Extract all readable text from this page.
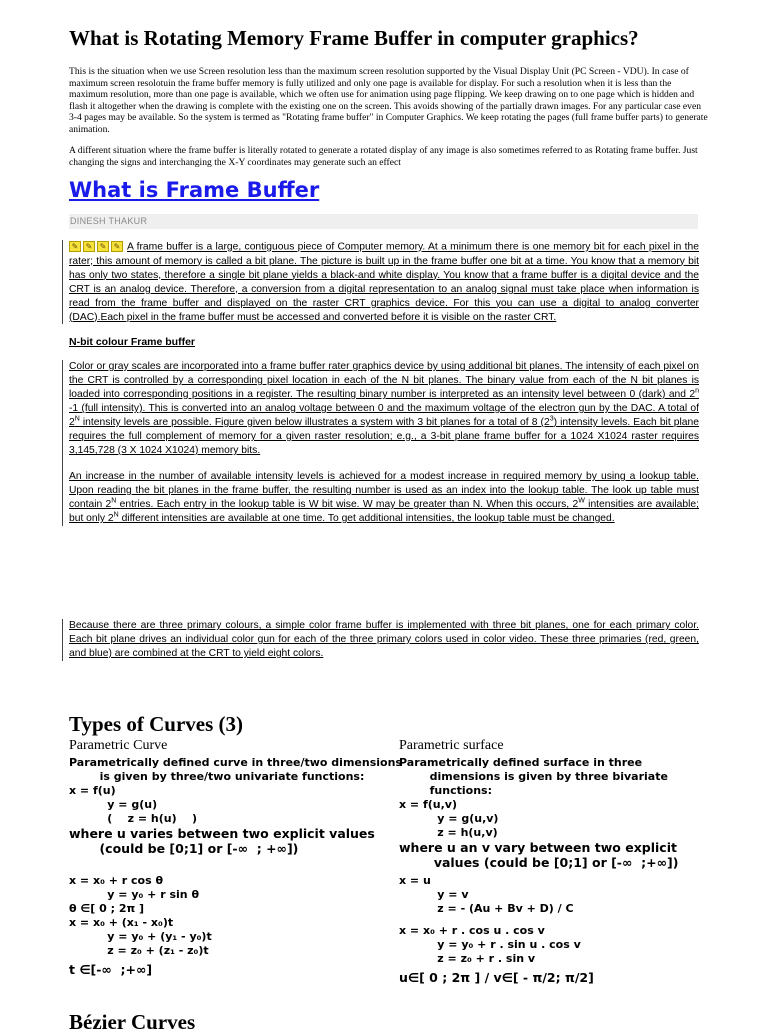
What is Rotating Memory Frame Buffer in computer graphics?
This is the situation when we use Screen resolution less than the maximum screen resolution supported by the Visual Display Unit (PC Screen - VDU). In case of maximum screen resolotuin the frame buffer memory is fully utilized and only one page is available for display. For such a resolution when it is less than the maximum resolution, more than one page is available, which we often use for animation using page flipping. We keep drawing on to one page which is hidden and flash it altogether when the drawing is complete with the existing one on the screen. This avoids showing of the partially drawn images. For any particular case even 3-4 pages may be available. So the system is termed as "Rotating frame buffer" in Computer Graphics. We keep rotating the pages (full frame buffer parts) to generate animation.
A different situation where the frame buffer is literally rotated to generate a rotated display of any image is also sometimes referred to as Rotating frame buffer. Just changing the signs and interchanging the X-Y coordinates may generate such an effect
What is Frame Buffer
DINESH THAKUR
✎ ✎ ✎ ✎ A frame buffer is a large, contiguous piece of Computer memory. At a minimum there is one memory bit for each pixel in the rater; this amount of memory is called a bit plane. The picture is built up in the frame buffer one bit at a time. You know that a memory bit has only two states, therefore a single bit plane yields a black-and white display. You know that a frame buffer is a digital device and the CRT is an analog device. Therefore, a conversion from a digital representation to an analog signal must take place when information is read from the frame buffer and displayed on the raster CRT graphics device. For this you can use a digital to analog converter (DAC).Each pixel in the frame buffer must be accessed and converted before it is visible on the raster CRT.
N-bit colour Frame buffer
Color or gray scales are incorporated into a frame buffer rater graphics device by using additional bit planes. The intensity of each pixel on the CRT is controlled by a corresponding pixel location in each of the N bit planes. The binary value from each of the N bit planes is loaded into corresponding positions in a register. The resulting binary number is interpreted as an intensity level between 0 (dark) and 2$^n$ -1 (full intensity). This is converted into an analog voltage between 0 and the maximum voltage of the electron gun by the DAC. A total of $2^N$ intensity levels are possible. Figure given below illustrates a system with 3 bit planes for a total of 8 $(2^3)$ intensity levels. Each bit plane requires the full complement of memory for a given raster resolution; e.g., a 3-bit plane frame buffer for a 1024 X1024 raster requires 3,145,728 (3 X 1024 X1024) memory bits.
An increase in the number of available intensity levels is achieved for a modest increase in required memory by using a lookup table. Upon reading the bit planes in the frame buffer, the resulting number is used as an index into the lookup table. The look up table must contain $2^N$ entries. Each entry in the lookup table is W bit wise. W may be greater than N. When this occurs, $2^W$ intensities are available; but only $2^N$ different intensities are available at one time. To get additional intensities, the lookup table must be changed.
Because there are three primary colours, a simple color frame buffer is implemented with three bit planes, one for each primary color. Each bit plane drives an individual color gun for each of the three primary colors used in color video. These three primaries (red, green, and blue) are combined at the CRT to yield eight colors.
Types of Curves (3)
Parametric Curve
Parametrically defined curve in three/two dimensions
is given by three/two univariate functions:
x = f(u)
y = g(u)
(    z = h(u)    )
where u varies between two explicit values
(could be [0;1] or [-∞  ; +∞])
x = x₀ + r cos θ
y = y₀ + r sin θ
θ ∈[ 0 ; 2π ]
x = x₀ + (x₁ - x₀)t
y = y₀ + (y₁ - y₀)t
z = z₀ + (z₁ - z₀)t
t ∈[-∞  ;+∞]
Parametric surface
Parametrically defined surface in three
dimensions is given by three bivariate
functions:
x = f(u,v)
y = g(u,v)
z = h(u,v)
where u an v vary between two explicit
values (could be [0;1] or [-∞  ;+∞])
x = u
y = v
z = - (Au + Bv + D) / C
x = x₀ + r . cos u . cos v
y = y₀ + r . sin u . cos v
z = z₀ + r . sin v
u∈[ 0 ; 2π ] / v∈[ - π/2; π/2]
Bézier Curves
